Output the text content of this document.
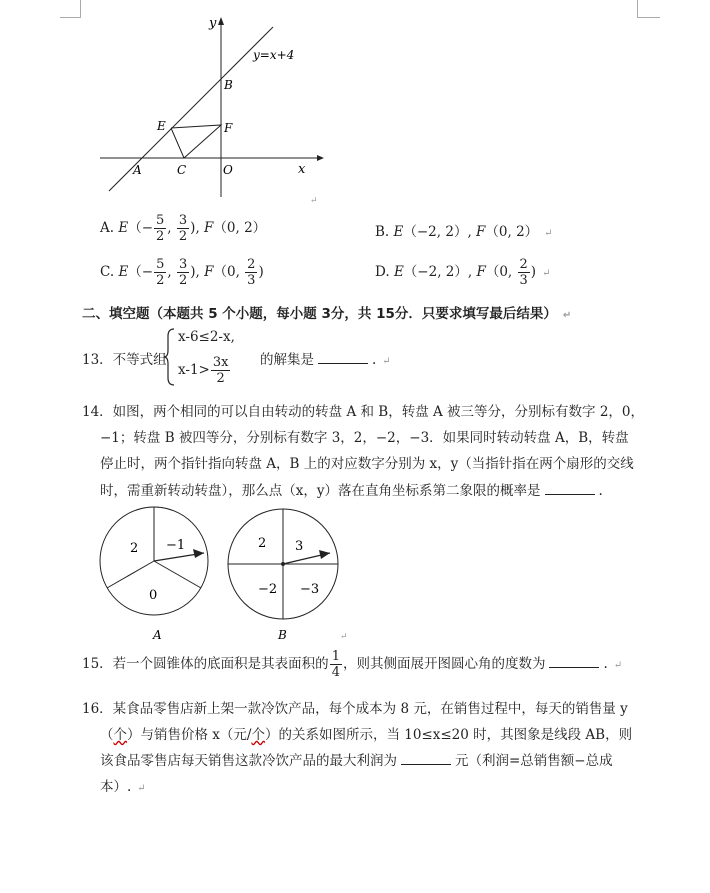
y
x
y=x+4
B
E	F
A	C	O
↵
A. $E(- \frac{5}{2}$ , $\frac{3}{2}$ ), F（0, 2）	B. E（−2, 2）, F（0, 2） ↵
C. $E(- \frac{5}{2}$ , $\frac{3}{2}$ ), F（0, $\frac{2}{3}$ )	D. E（−2, 2）, F（0, $\frac{2}{3}$ ) ↵
二、填空题（本题共 5 个小题，每小题 3分，共 15分．只要求填写最后结果） ↵
13．不等式组
x-6≤2-x,
$x-1> \frac{3x}{2}$ 的解集是	. ↵
14．如图，两个相同的可以自由转动的转盘 A 和 B，转盘 A 被三等分，分别标有数字 2，0，
−1；转盘 B 被四等分，分别标有数字 3，2，−2，−3．如果同时转动转盘 A，B，转盘
停止时，两个指针指向转盘 A，B 上的对应数字分别为 x，y（当指针指在两个扇形的交线
时，需重新转动转盘），那么点（x，y）落在直角坐标系第二象限的概率是	.
2 −1
0
A
2 3
−2 −3
B	↵
15．若一个圆锥体的底面积是其表面积的 $\frac{1}{4}$ ，则其侧面展开图圆心角的度数为	. ↵
16．某食品零售店新上架一款冷饮产品，每个成本为 8 元，在销售过程中，每天的销售量 y
（个）与销售价格 x（元/个）的关系如图所示，当 10≤x≤20 时，其图象是线段 AB，则
该食品零售店每天销售这款冷饮产品的最大利润为	元（利润=总销售额−总成
本）. ↵
